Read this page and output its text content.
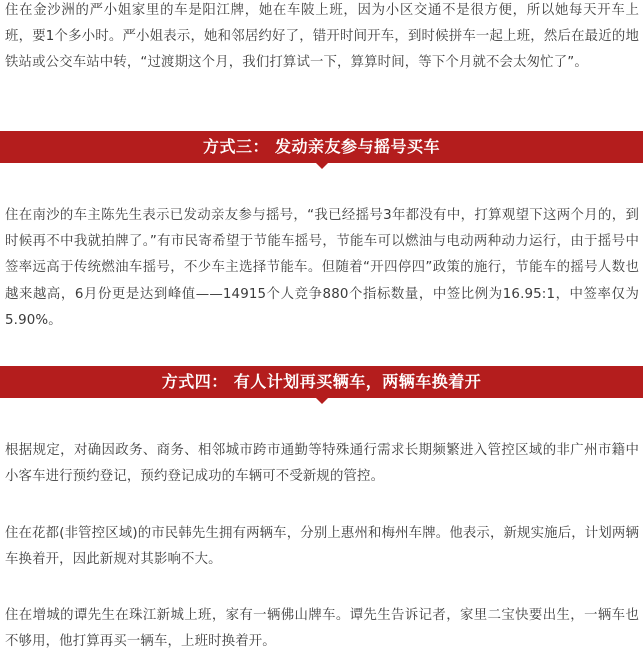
住在金沙洲的严小姐家里的车是阳江牌，她在车陂上班，因为小区交通不是很方便，所以她每天开车上班，要1个多小时。严小姐表示，她和邻居约好了，错开时间开车，到时候拼车一起上班，然后在最近的地铁站或公交车站中转，“过渡期这个月，我们打算试一下，算算时间，等下个月就不会太匆忙了”。

方式三： 发动亲友参与摇号买车

住在南沙的车主陈先生表示已发动亲友参与摇号，“我已经摇号3年都没有中，打算观望下这两个月的，到时候再不中我就拍牌了。”有市民寄希望于节能车摇号，节能车可以燃油与电动两种动力运行，由于摇号中签率远高于传统燃油车摇号，不少车主选择节能车。但随着“开四停四”政策的施行，节能车的摇号人数也越来越高，6月份更是达到峰值——14915个人竞争880个指标数量，中签比例为16.95:1，中签率仅为5.90%。

方式四： 有人计划再买辆车，两辆车换着开

根据规定，对确因政务、商务、相邻城市跨市通勤等特殊通行需求长期频繁进入管控区域的非广州市籍中小客车进行预约登记，预约登记成功的车辆可不受新规的管控。

住在花都(非管控区域)的市民韩先生拥有两辆车，分别上惠州和梅州车牌。他表示，新规实施后，计划两辆车换着开，因此新规对其影响不大。

住在增城的谭先生在珠江新城上班，家有一辆佛山牌车。谭先生告诉记者，家里二宝快要出生，一辆车也不够用，他打算再买一辆车，上班时换着开。
